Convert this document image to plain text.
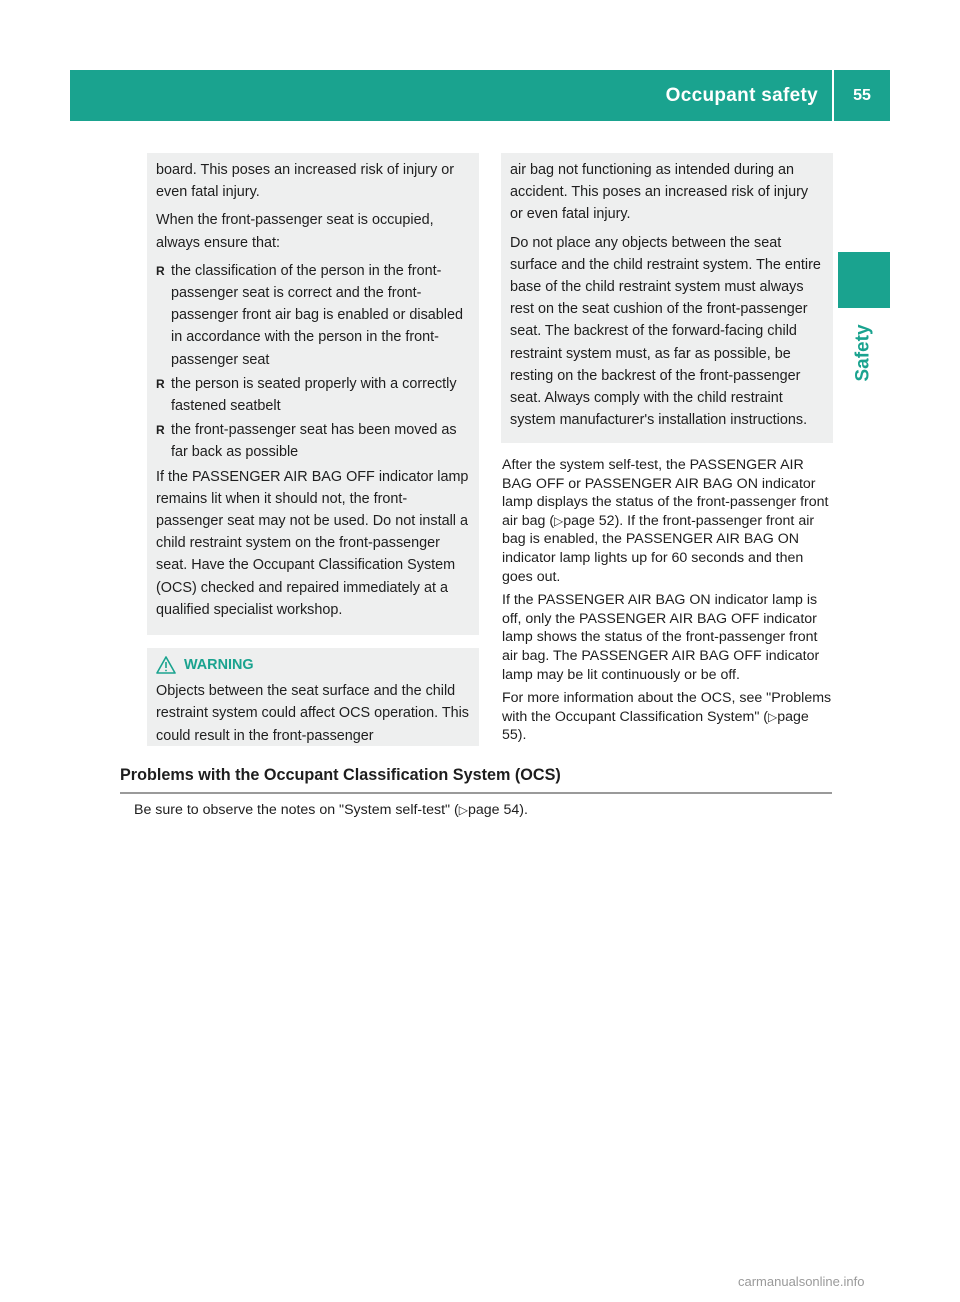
Occupant safety	55
Safety

board. This poses an increased risk of injury or even fatal injury.

When the front-passenger seat is occupied, always ensure that:

R the classification of the person in the front-passenger seat is correct and the front-passenger front air bag is enabled or disabled in accordance with the person in the front-passenger seat
R the person is seated properly with a correctly fastened seatbelt
R the front-passenger seat has been moved as far back as possible

If the PASSENGER AIR BAG OFF indicator lamp remains lit when it should not, the front-passenger seat may not be used. Do not install a child restraint system on the front-passenger seat. Have the Occupant Classification System (OCS) checked and repaired immediately at a qualified specialist workshop.

WARNING

Objects between the seat surface and the child restraint system could affect OCS operation. This could result in the front-passenger

air bag not functioning as intended during an accident. This poses an increased risk of injury or even fatal injury.

Do not place any objects between the seat surface and the child restraint system. The entire base of the child restraint system must always rest on the seat cushion of the front-passenger seat. The backrest of the forward-facing child restraint system must, as far as possible, be resting on the backrest of the front-passenger seat. Always comply with the child restraint system manufacturer's installation instructions.

After the system self-test, the PASSENGER AIR BAG OFF or PASSENGER AIR BAG ON indicator lamp displays the status of the front-passenger front air bag (▷page 52). If the front-passenger front air bag is enabled, the PASSENGER AIR BAG ON indicator lamp lights up for 60 seconds and then goes out.

If the PASSENGER AIR BAG ON indicator lamp is off, only the PASSENGER AIR BAG OFF indicator lamp shows the status of the front-passenger front air bag. The PASSENGER AIR BAG OFF indicator lamp may be lit continuously or be off.

For more information about the OCS, see "Problems with the Occupant Classification System" (▷page 55).

Problems with the Occupant Classification System (OCS)
Be sure to observe the notes on "System self-test" (▷page 54).
carmanualsonline.info
